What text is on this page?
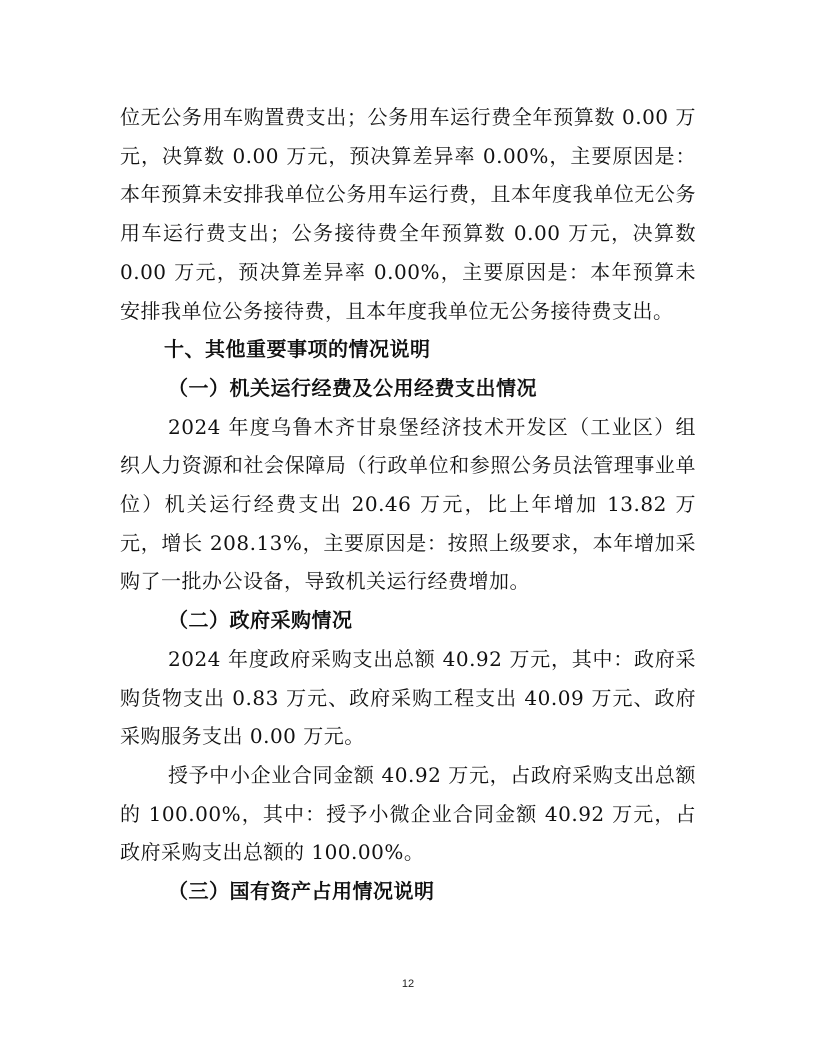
位无公务用车购置费支出；公务用车运行费全年预算数 0.00 万元，决算数 0.00 万元，预决算差异率 0.00%，主要原因是：本年预算未安排我单位公务用车运行费，且本年度我单位无公务用车运行费支出；公务接待费全年预算数 0.00 万元，决算数 0.00 万元，预决算差异率 0.00%，主要原因是：本年预算未安排我单位公务接待费，且本年度我单位无公务接待费支出。

十、其他重要事项的情况说明

（一）机关运行经费及公用经费支出情况

2024 年度乌鲁木齐甘泉堡经济技术开发区（工业区）组织人力资源和社会保障局（行政单位和参照公务员法管理事业单位）机关运行经费支出 20.46 万元，比上年增加 13.82 万元，增长 208.13%，主要原因是：按照上级要求，本年增加采购了一批办公设备，导致机关运行经费增加。

（二）政府采购情况

2024 年度政府采购支出总额 40.92 万元，其中：政府采购货物支出 0.83 万元、政府采购工程支出 40.09 万元、政府采购服务支出 0.00 万元。

授予中小企业合同金额 40.92 万元，占政府采购支出总额的 100.00%，其中：授予小微企业合同金额 40.92 万元，占政府采购支出总额的 100.00%。

（三）国有资产占用情况说明

12
